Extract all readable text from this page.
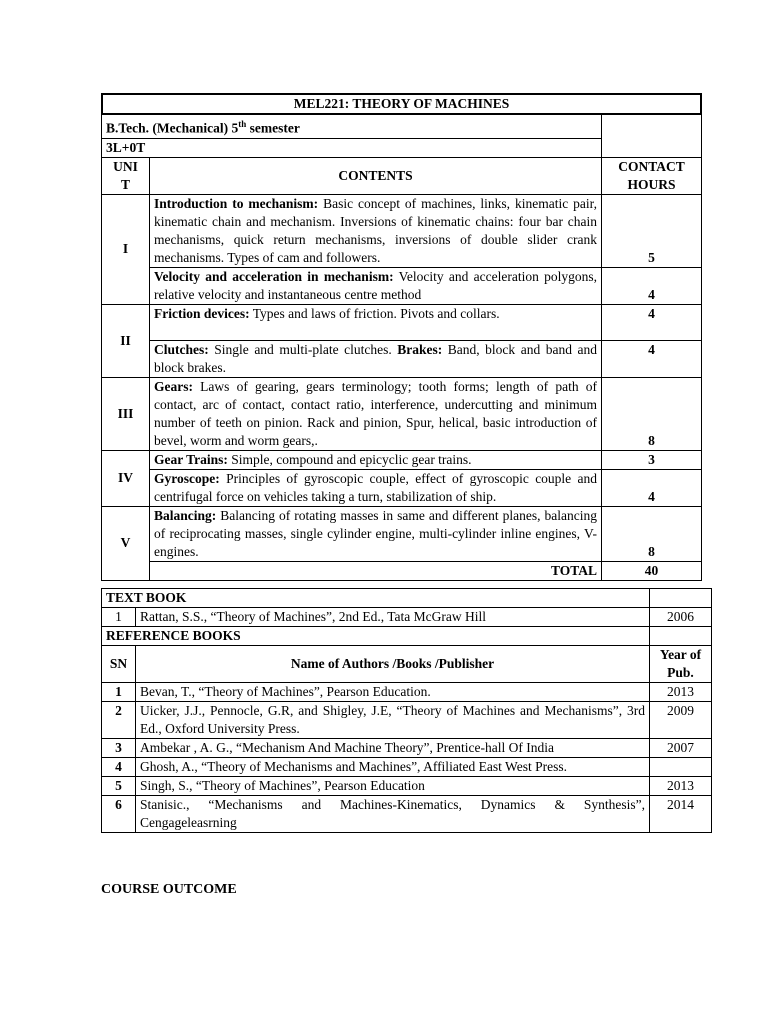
MEL221: THEORY OF MACHINES		

B.Tech. (Mechanical) 5th semester		
3L+0T		
UNI
T	CONTENTS	CONTACT
HOURS
I	Introduction to mechanism: Basic concept of machines, links, kinematic pair, kinematic chain and mechanism. Inversions of kinematic chains: four bar chain mechanisms, quick return mechanisms, inversions of double slider crank mechanisms. Types of cam and followers.	5
	Velocity and acceleration in mechanism: Velocity and acceleration polygons, relative velocity and instantaneous centre method	4
II	Friction devices: Types and laws of friction. Pivots and collars.	4
	Clutches: Single and multi-plate clutches. Brakes: Band, block and band and block brakes.	4
III	Gears: Laws of gearing, gears terminology; tooth forms; length of path of contact, arc of contact, contact ratio, interference, undercutting and minimum number of teeth on pinion. Rack and pinion, Spur, helical, basic introduction of bevel, worm and worm gears,.	8
IV	Gear Trains: Simple, compound and epicyclic gear trains.	3
	Gyroscope: Principles of gyroscopic couple, effect of gyroscopic couple and centrifugal force on vehicles taking a turn, stabilization of ship.	4
V	Balancing: Balancing of rotating masses in same and different planes, balancing of reciprocating masses, single cylinder engine, multi-cylinder inline engines, V-engines.	8
	TOTAL	40
TEXT BOOK		
1	Rattan, S.S., “Theory of Machines”, 2nd Ed., Tata McGraw Hill	2006
REFERENCE BOOKS		
SN	Name of Authors /Books /Publisher	Year of
Pub.
1	Bevan, T., “Theory of Machines”, Pearson Education.	2013
2	Uicker, J.J., Pennocle, G.R, and Shigley, J.E, “Theory of Machines and Mechanisms”, 3rd Ed., Oxford University Press.	2009
3	Ambekar , A. G., “Mechanism And Machine Theory”, Prentice-hall Of India	2007
4	Ghosh, A., “Theory of Mechanisms and Machines”, Affiliated East West Press.	
5	Singh, S., “Theory of Machines”, Pearson Education	2013
6	Stanisic., “Mechanisms and Machines-Kinematics, Dynamics & Synthesis”, Cengageleasrning	2014
COURSE OUTCOME
